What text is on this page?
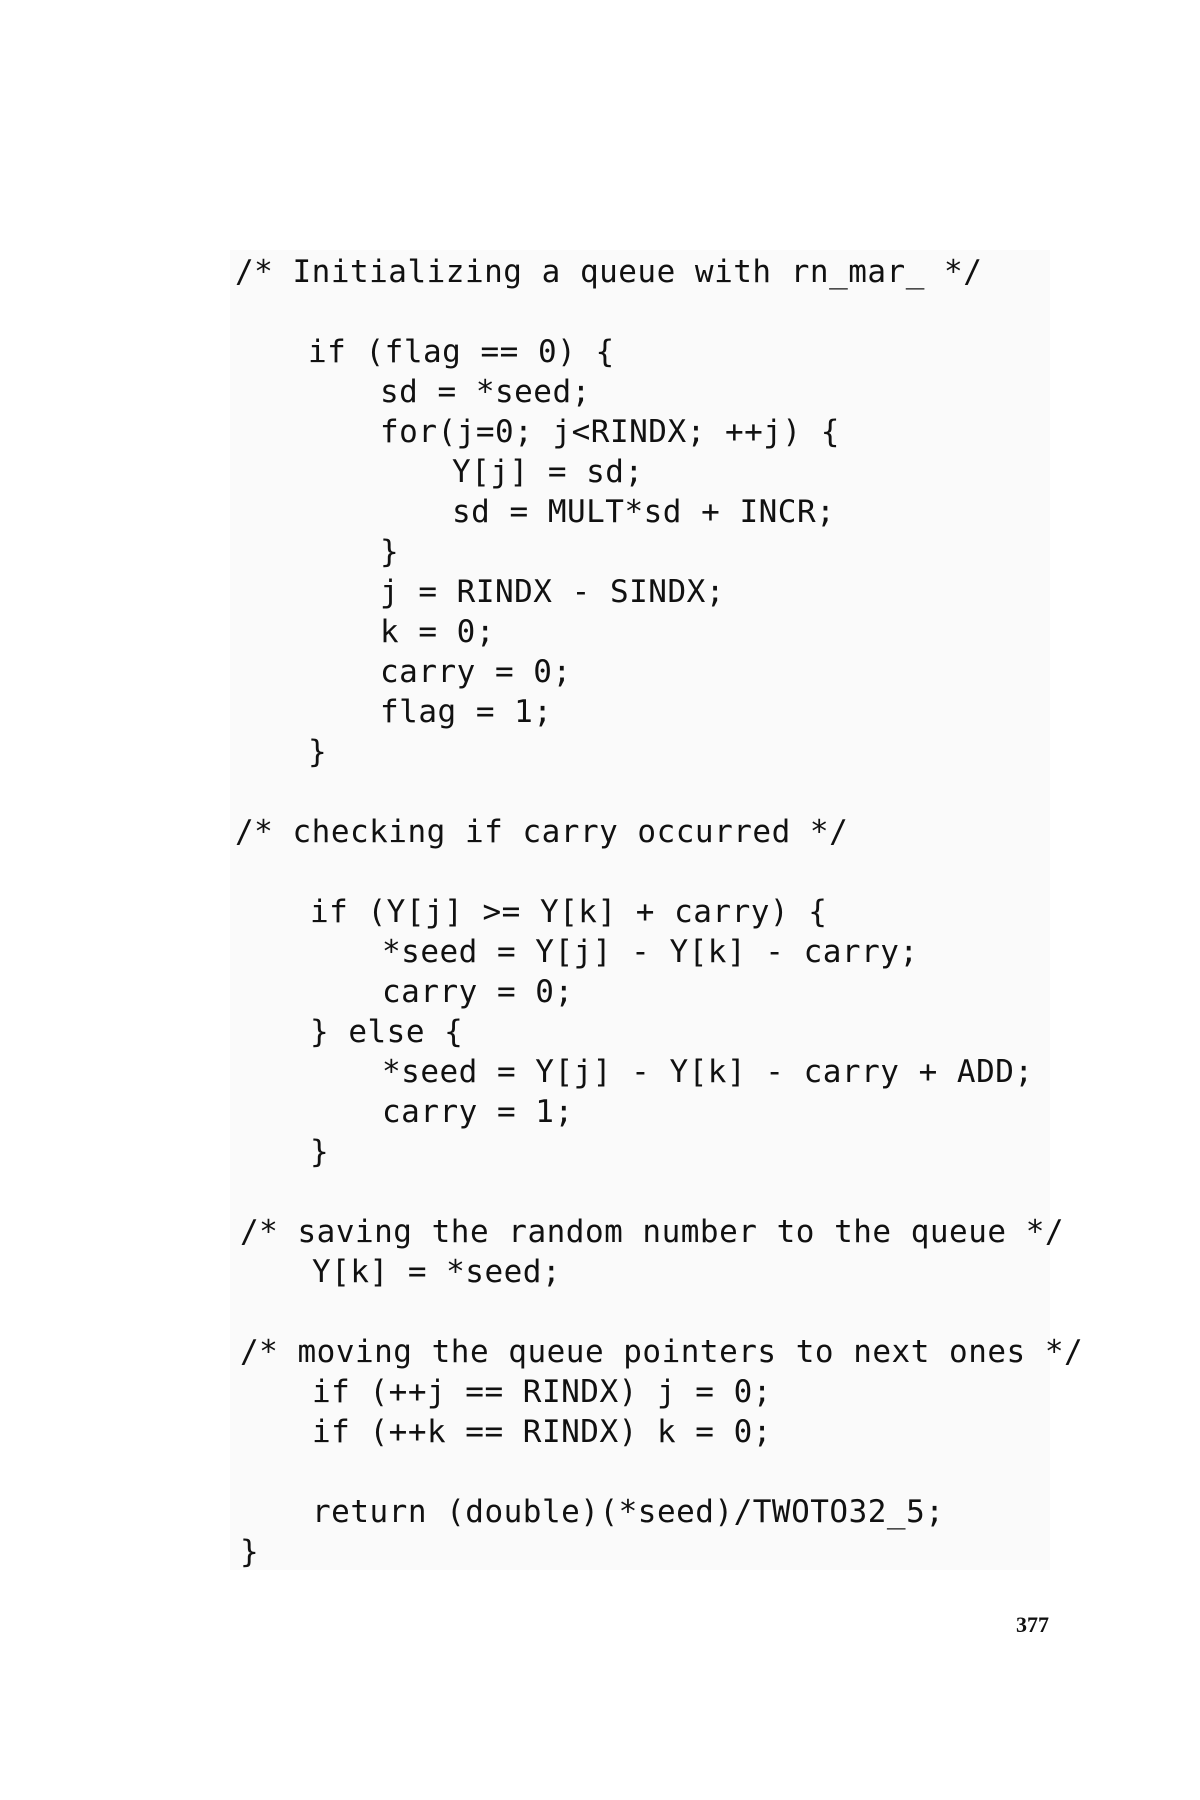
/* Initializing a queue with rn_mar_ */
if (flag == 0) {
sd = *seed;
for(j=0; j<RINDX; ++j) {
Y[j] = sd;
sd = MULT*sd + INCR;
}
j = RINDX - SINDX;
k = 0;
carry = 0;
flag = 1;
}
/* checking if carry occurred */
if (Y[j] >= Y[k] + carry) {
*seed = Y[j] - Y[k] - carry;
carry = 0;
} else {
*seed = Y[j] - Y[k] - carry + ADD;
carry = 1;
}
/* saving the random number to the queue */
Y[k] = *seed;
/* moving the queue pointers to next ones */
if (++j == RINDX) j = 0;
if (++k == RINDX) k = 0;
return (double)(*seed)/TWOTO32_5;
}
377
